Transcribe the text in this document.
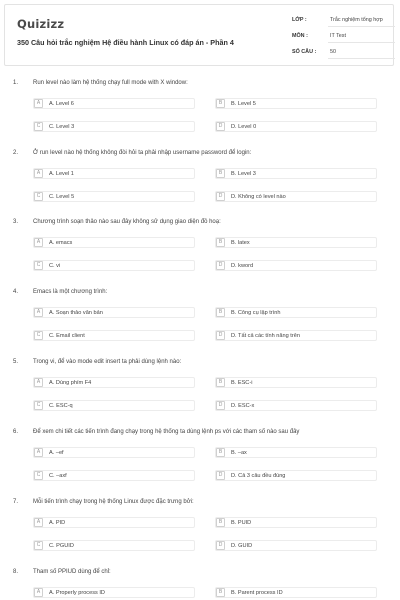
Quizizz
350 Câu hỏi trắc nghiệm Hệ điều hành Linux có đáp án - Phần 4
LỚP :	Trắc nghiệm tổng hợp
MÔN :	IT Test
SỐ CÂU :	50
1. Run level nào làm hệ thống chạy full mode with X window:
A	A. Level 6	B	B. Level 5
C	C. Level 3	D	D. Level 0
2. Ở run level nào hệ thống không đòi hỏi ta phải nhập username password để login:
A	A. Level 1	B	B. Level 3
C	C. Level 5	D	D. Không có level nào
3. Chương trình soạn thảo nào sau đây không sử dụng giao diện đồ hoạ:
A	A. emacs	B	B. latex
C	C. vi	D	D. kword
4. Emacs là một chương trình:
A	A. Soạn thảo văn bản	B	B. Công cụ lập trình
C	C. Email client	D	D. Tất cả các tính năng trên
5. Trong vi, để vào mode edit insert ta phải dùng lệnh nào:
A	A. Dùng phím F4	B	B. ESC-i
C	C. ESC-q	D	D. ESC-x
6. Để xem chi tiết các tiến trình đang chạy trong hệ thống ta dùng lệnh ps với các tham số nào sau đây
A	A. –ef	B	B. –ax
C	C. –axf	D	D. Cả 3 câu đều đúng
7. Mỗi tiến trình chạy trong hệ thống Linux được đặc trưng bởi:
A	A. PID	B	B. PUID
C	C. PGUID	D	D. GUID
8. Tham số PPIUD dùng để chỉ:
A	A. Properly process ID	B	B. Parent process ID
